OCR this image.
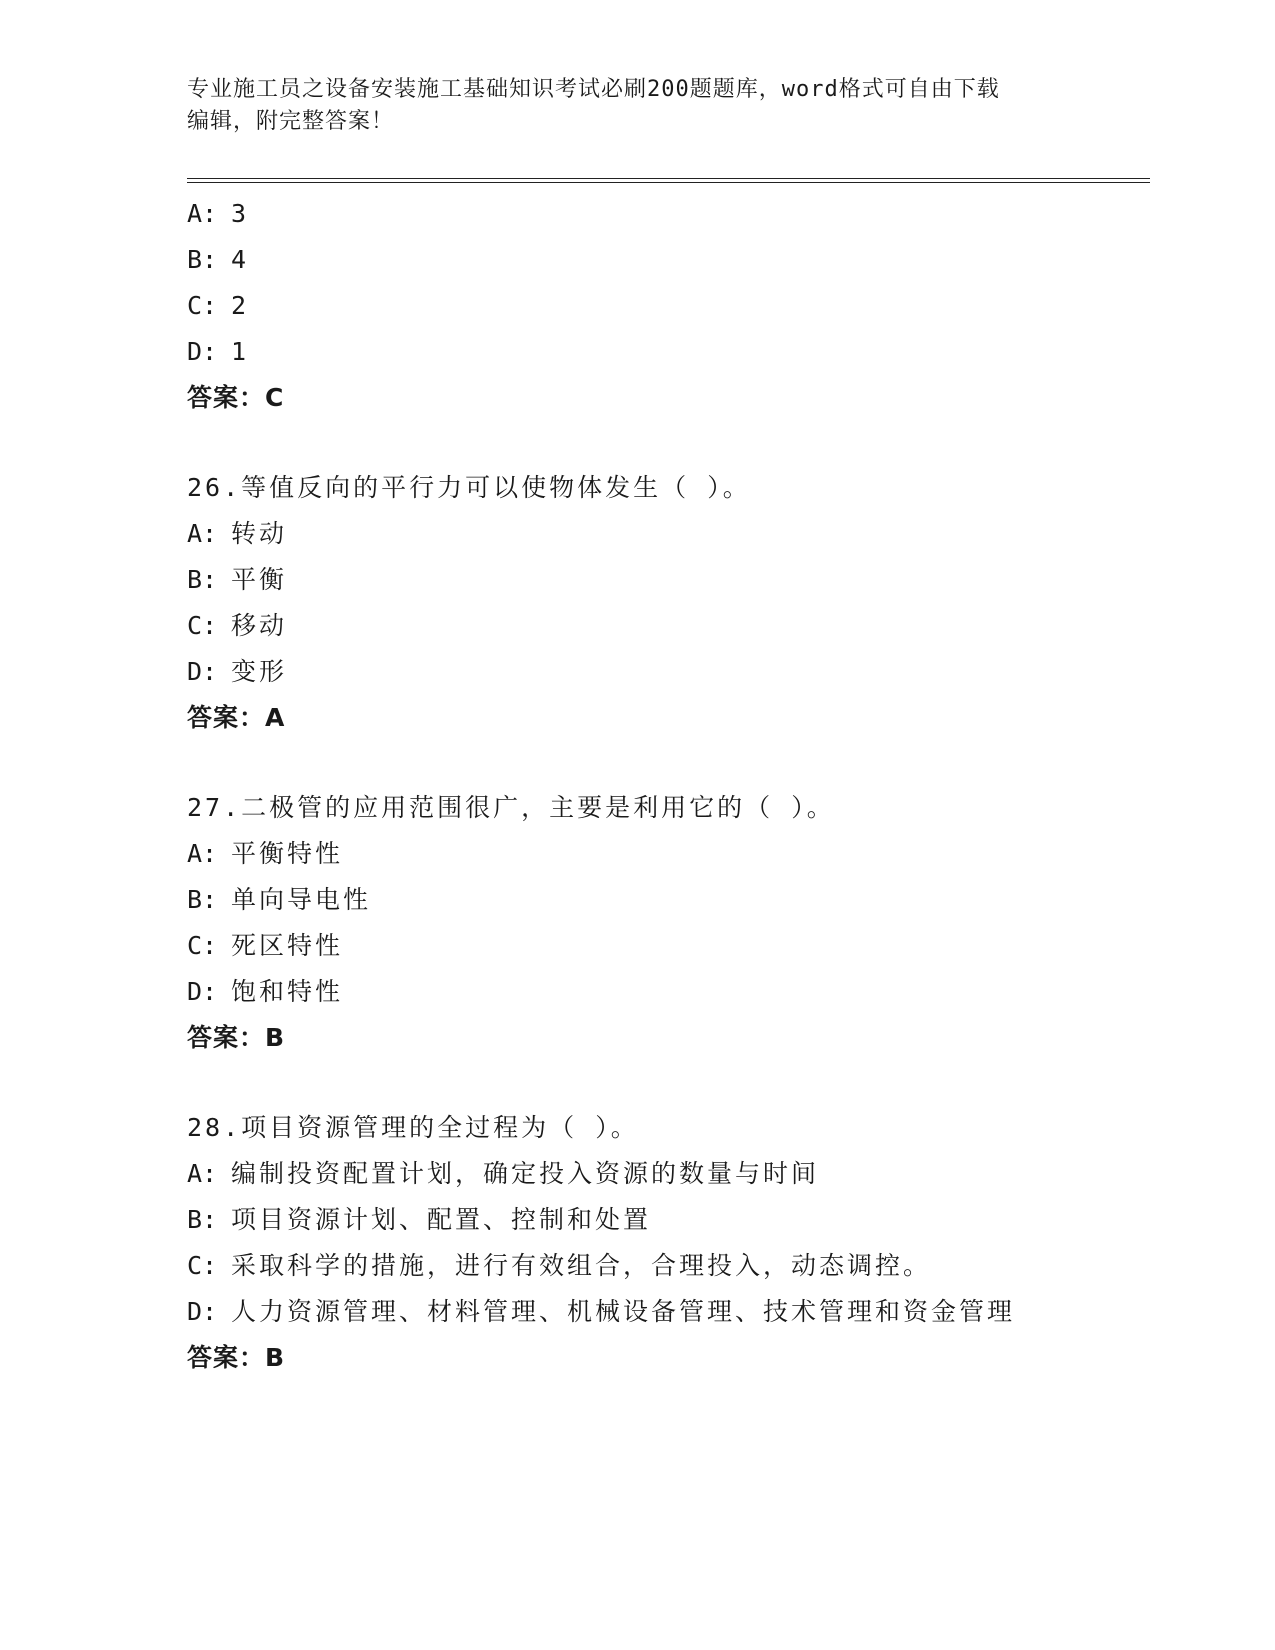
专业施工员之设备安装施工基础知识考试必刷200题题库，word格式可自由下载
编辑，附完整答案！
A: 3
B: 4
C: 2
D: 1
答案：C
26.等值反向的平行力可以使物体发生（ ）。
A: 转动
B: 平衡
C: 移动
D: 变形
答案：A
27.二极管的应用范围很广，主要是利用它的（ ）。
A: 平衡特性
B: 单向导电性
C: 死区特性
D: 饱和特性
答案：B
28.项目资源管理的全过程为（ ）。
A: 编制投资配置计划，确定投入资源的数量与时间
B: 项目资源计划、配置、控制和处置
C: 采取科学的措施，进行有效组合，合理投入，动态调控。
D: 人力资源管理、材料管理、机械设备管理、技术管理和资金管理
答案：B
